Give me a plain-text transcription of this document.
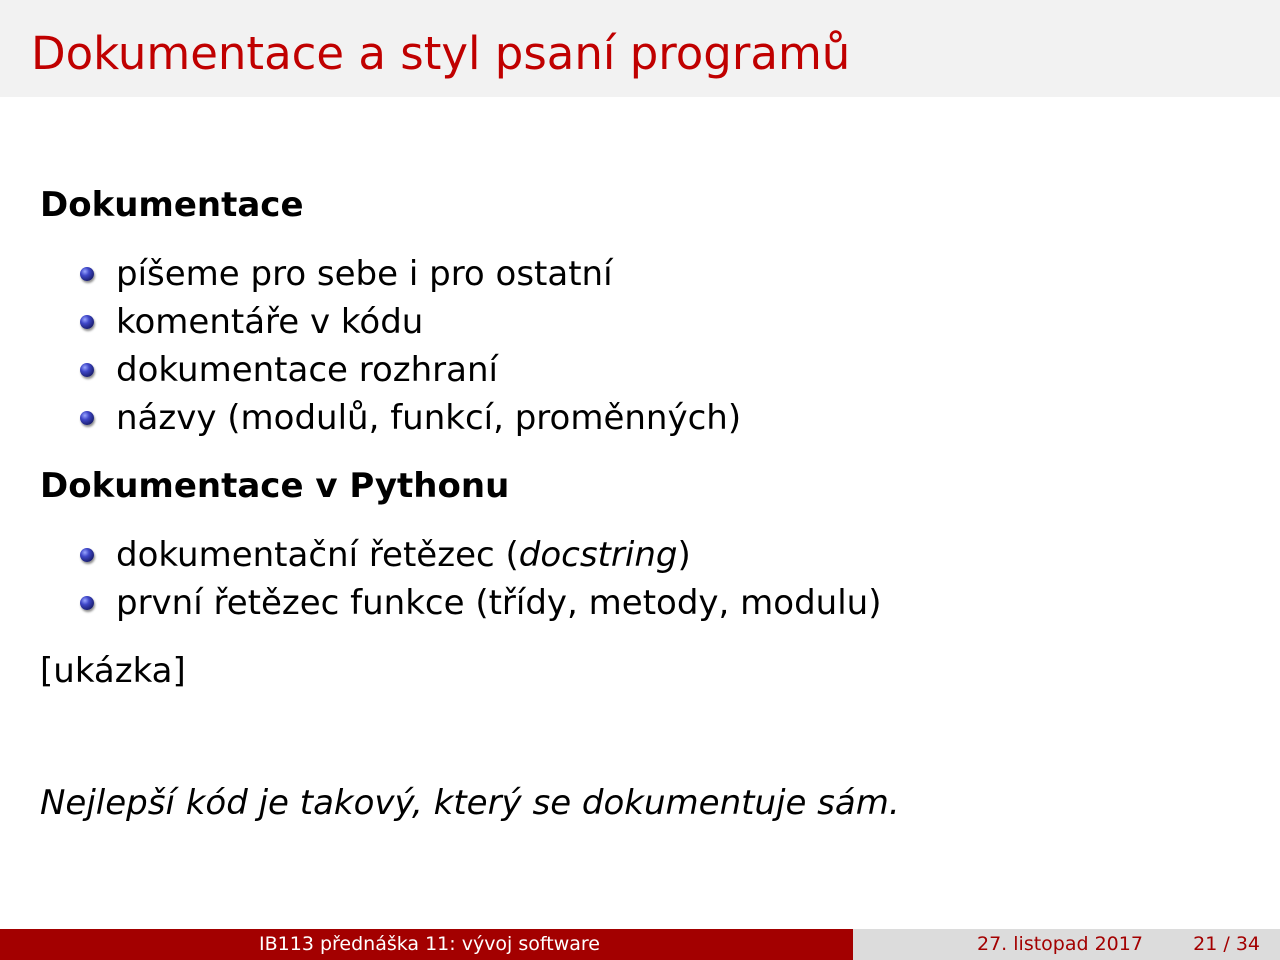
Dokumentace a styl psaní programů
Dokumentace
píšeme pro sebe i pro ostatní
komentáře v kódu
dokumentace rozhraní
názvy (modulů, funkcí, proměnných)
Dokumentace v Pythonu
dokumentační řetězec (docstring)
první řetězec funkce (třídy, metody, modulu)
[ukázka]
Nejlepší kód je takový, který se dokumentuje sám.
IB113 přednáška 11: vývoj software	27. listopad 2017	21 / 34
